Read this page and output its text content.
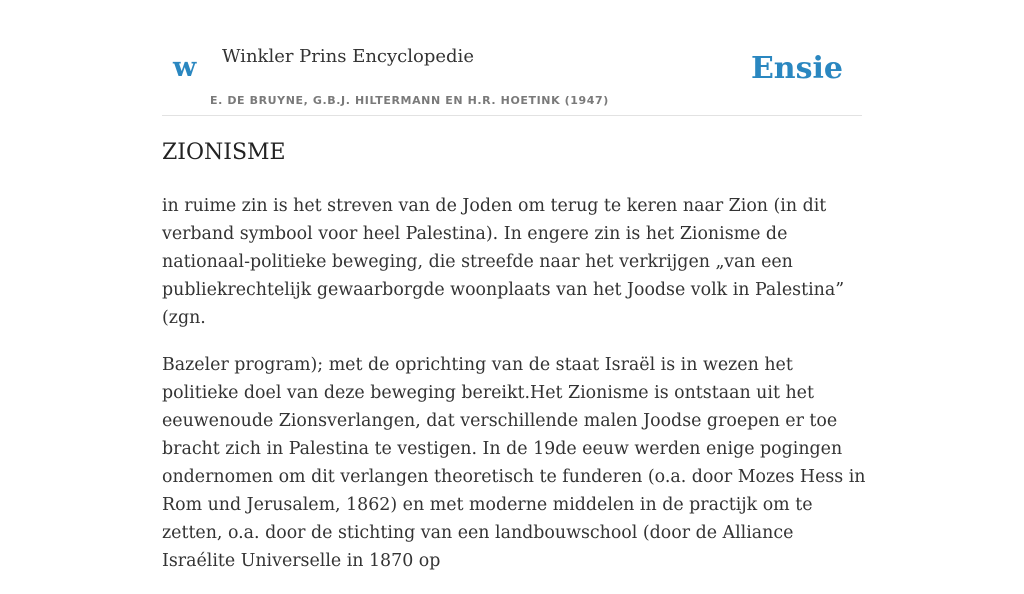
w Winkler Prins Encyclopedie
E. DE BRUYNE, G.B.J. HILTERMANN EN H.R. HOETINK (1947)
Ensie
ZIONISME

in ruime zin is het streven van de Joden om terug te keren naar Zion (in dit verband symbool voor heel Palestina). In engere zin is het Zionisme de nationaal-politieke beweging, die streefde naar het verkrijgen „van een publiekrechtelijk gewaarborgde woonplaats van het Joodse volk in Palestina” (zgn.

Bazeler program); met de oprichting van de staat Israël is in wezen het politieke doel van deze beweging bereikt.Het Zionisme is ontstaan uit het eeuwenoude Zionsverlangen, dat verschillende malen Joodse groepen er toe bracht zich in Palestina te vestigen. In de 19de eeuw werden enige pogingen ondernomen om dit verlangen theoretisch te funderen (o.a. door Mozes Hess in Rom und Jerusalem, 1862) en met moderne middelen in de practijk om te zetten, o.a. door de stichting van een landbouwschool (door de Alliance Israélite Universelle in 1870 op
